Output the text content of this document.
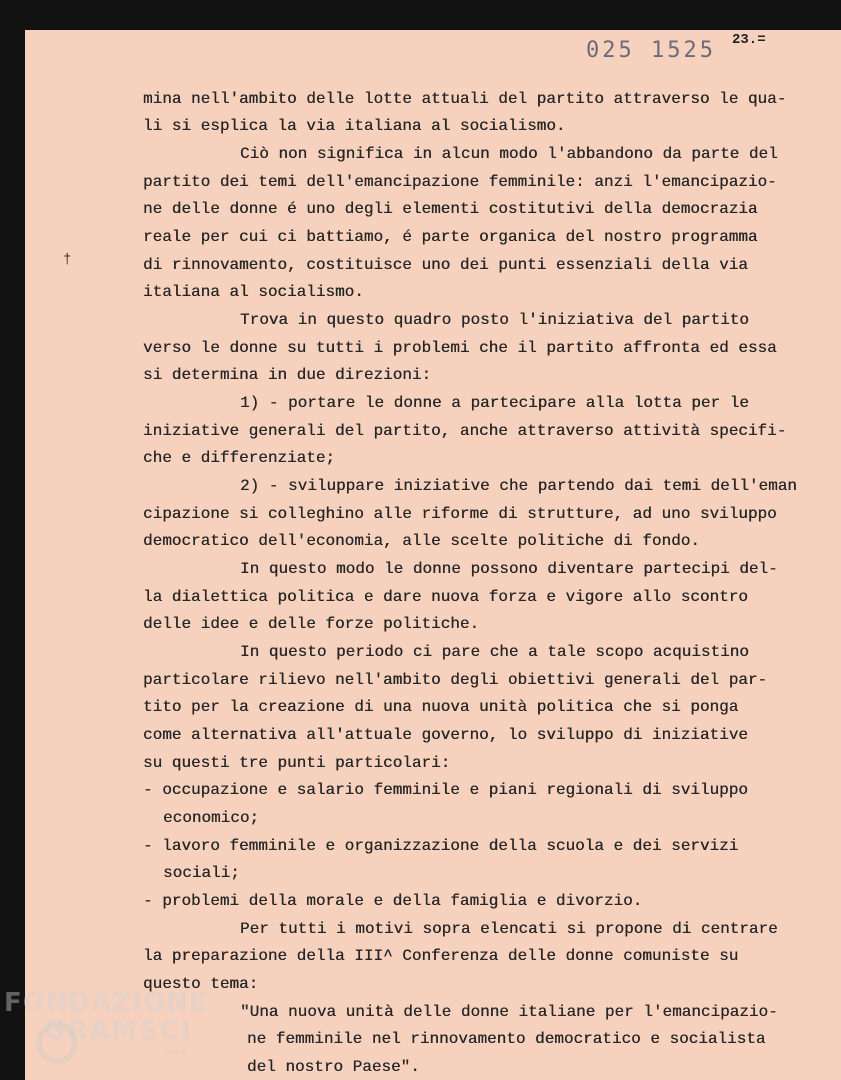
025 1525 23.=
†
mina nell'ambito delle lotte attuali del partito attraverso le qua-
li si esplica la via italiana al socialismo.
Ciò non significa in alcun modo l'abbandono da parte del
partito dei temi dell'emancipazione femminile: anzi l'emancipazio-
ne delle donne é uno degli elementi costitutivi della democrazia
reale per cui ci battiamo, é parte organica del nostro programma
di rinnovamento, costituisce uno dei punti essenziali della via
italiana al socialismo.
Trova in questo quadro posto l'iniziativa del partito
verso le donne su tutti i problemi che il partito affronta ed essa
si determina in due direzioni:
1) - portare le donne a partecipare alla lotta per le
iniziative generali del partito, anche attraverso attività specifi-
che e differenziate;
2) - sviluppare iniziative che partendo dai temi dell'eman
cipazione si colleghino alle riforme di strutture, ad uno sviluppo
democratico dell'economia, alle scelte politiche di fondo.
In questo modo le donne possono diventare partecipi del-
la dialettica politica e dare nuova forza e vigore allo scontro
delle idee e delle forze politiche.
In questo periodo ci pare che a tale scopo acquistino
particolare rilievo nell'ambito degli obiettivi generali del par-
tito per la creazione di una nuova unità politica che si ponga
come alternativa all'attuale governo, lo sviluppo di iniziative
su questi tre punti particolari:
- occupazione e salario femminile e piani regionali di sviluppo
economico;
- lavoro femminile e organizzazione della scuola e dei servizi
sociali;
- problemi della morale e della famiglia e divorzio.
Per tutti i motivi sopra elencati si propone di centrare
la preparazione della III^ Conferenza delle donne comuniste su
questo tema:
"Una nuova unità delle donne italiane per l'emancipazio-
ne femminile nel rinnovamento democratico e socialista
del nostro Paese".
FONDAZIONE
GRAMSCI
Onlus
